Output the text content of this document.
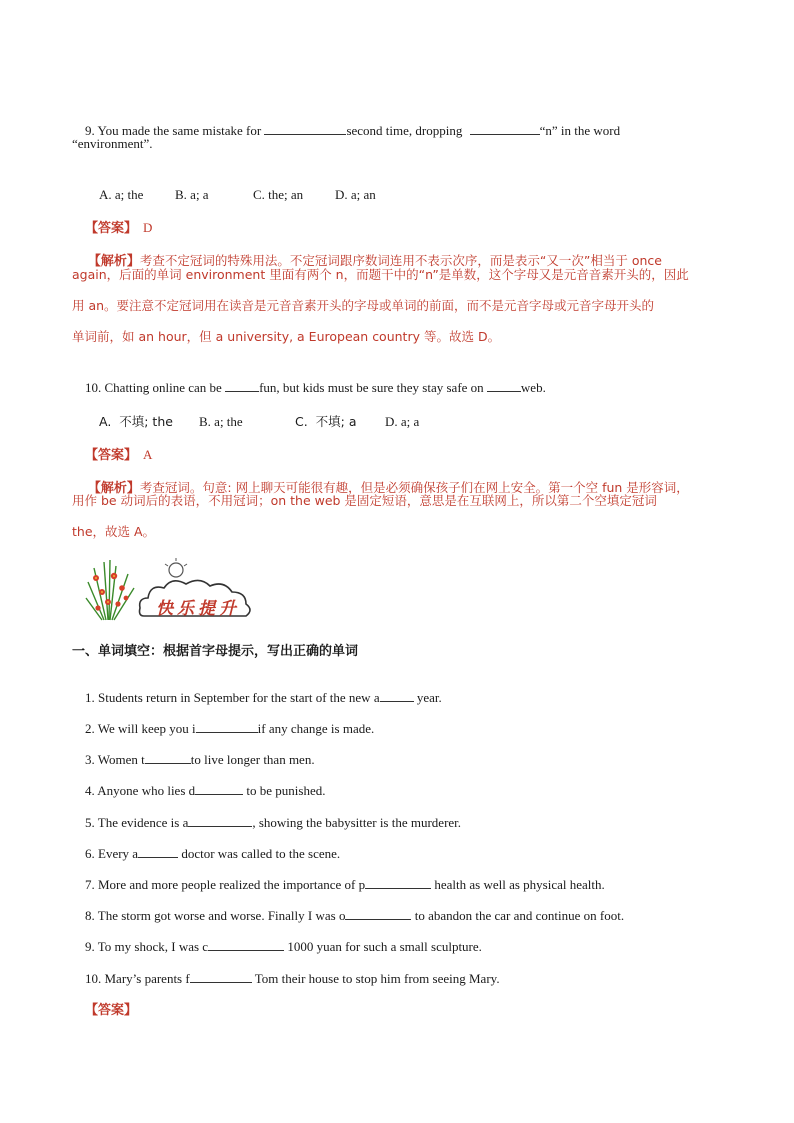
9. You made the same mistake for	second time, dropping	“n” in the word

“environment”.

A. a; the B. a; a	C. the; an D. a; an

【答案】 D

【解析】考查不定冠词的特殊用法。不定冠词跟序数词连用不表示次序，而是表示“又一次”相当于 once

again，后面的单词 environment 里面有两个 n，而题干中的“n”是单数，这个字母又是元音音素开头的，因此
用 an。要注意不定冠词用在读音是元音音素开头的字母或单词的前面，而不是元音字母或元音字母开头的
单词前，如 an hour，但 a university, a European country 等。故选 D。

10. Chatting online can be	fun, but kids must be sure they stay safe on	web.

A.  不填; the B. a; the	C.  不填; a D. a; a

【答案】 A

【解析】考查冠词。句意: 网上聊天可能很有趣，但是必须确保孩子们在网上安全。第一个空 fun 是形容词，

用作 be 动词后的表语，不用冠词；on the web 是固定短语，意思是在互联网上，所以第二个空填定冠词
the，故选 A。
快乐提升
一、单词填空：根据首字母提示，写出正确的单词

1. Students return in September for the start of the new a	year.

2. We will keep you i	if any change is made.

3. Women t	to live longer than men.

4. Anyone who lies d	to be punished.

5. The evidence is a	, showing the babysitter is the murderer.

6. Every a	doctor was called to the scene.

7. More and more people realized the importance of p	health as well as physical health.

8. The storm got worse and worse. Finally I was o	to abandon the car and continue on foot.

9. To my shock, I was c	1000 yuan for such a small sculpture.

10. Mary’s parents f	Tom their house to stop him from seeing Mary.

【答案】
